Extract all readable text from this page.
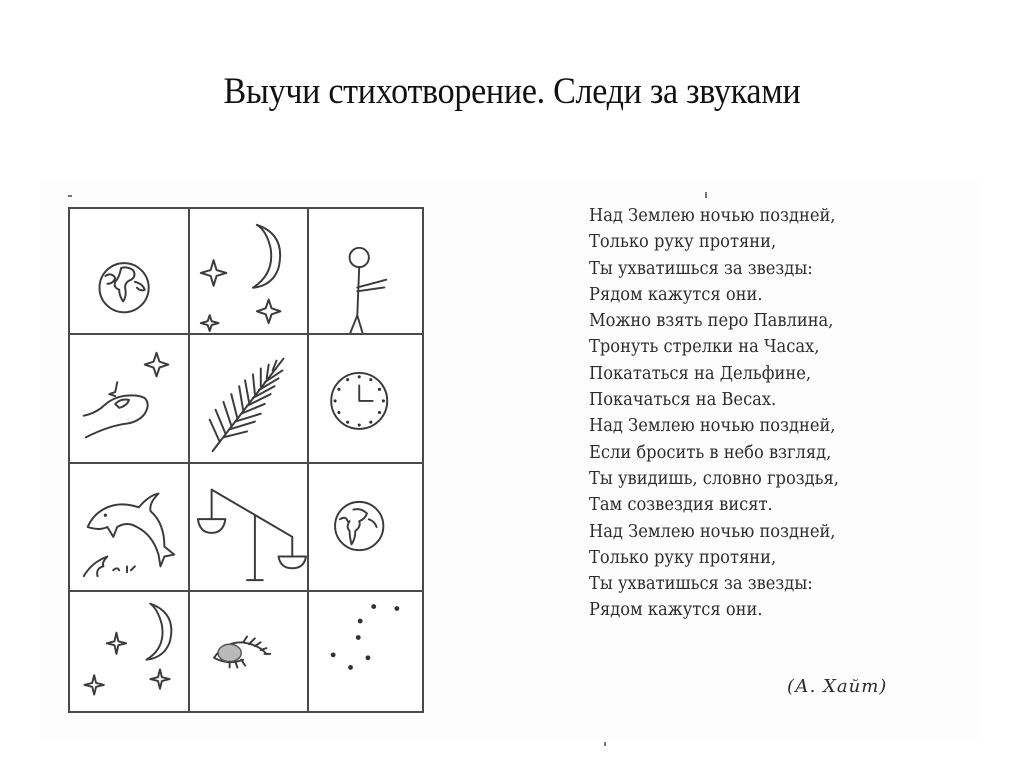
Выучи стихотворение. Следи за звуками
Над Землею ночью поздней,
Только руку протяни,
Ты ухватишься за звезды:
Рядом кажутся они.
Можно взять перо Павлина,
Тронуть стрелки на Часах,
Покататься на Дельфине,
Покачаться на Весах.
Над Землею ночью поздней,
Если бросить в небо взгляд,
Ты увидишь, словно гроздья,
Там созвездия висят.
Над Землею ночью поздней,
Только руку протяни,
Ты ухватишься за звезды:
Рядом кажутся они.
(А. Хайт)
